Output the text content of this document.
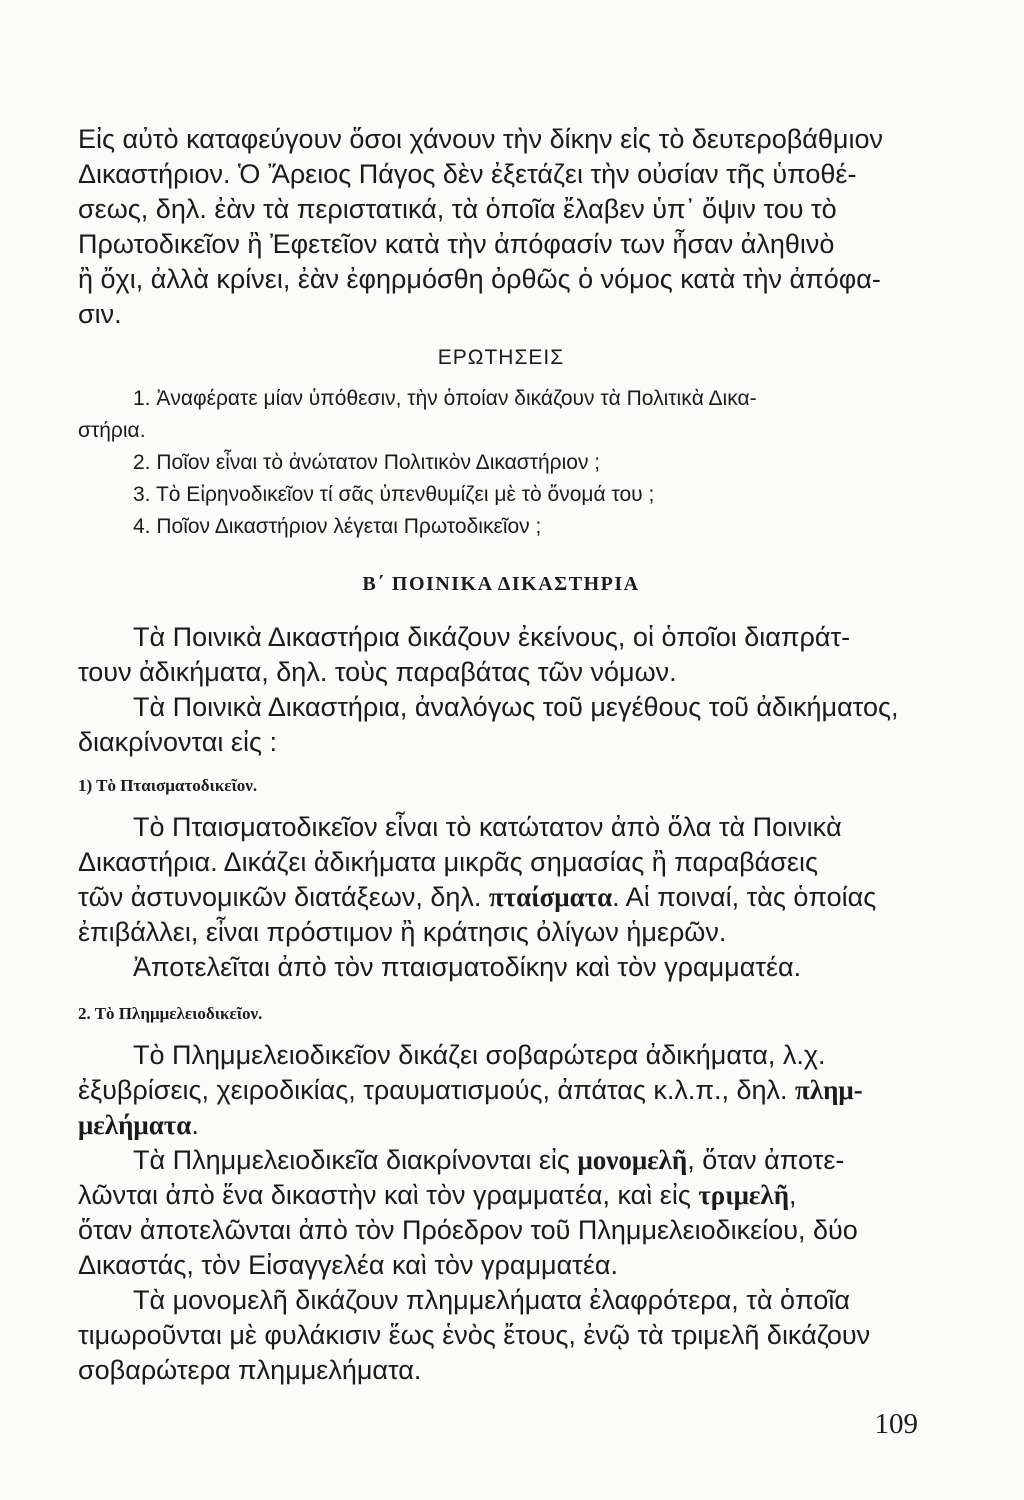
Εἰς αὐτὸ καταφεύγουν ὅσοι χάνουν τὴν δίκην εἰς τὸ δευτεροβάθμιον
Δικαστήριον. Ὁ Ἄρειος Πάγος δὲν ἐξετάζει τὴν οὐσίαν τῆς ὑποθέ-
σεως, δηλ. ἐὰν τὰ περιστατικά, τὰ ὁποῖα ἔλαβεν ὑπ᾿ ὄψιν του τὸ
Πρωτοδικεῖον ἢ Ἐφετεῖον κατὰ τὴν ἀπόφασίν των ἦσαν ἀληθινὸ
ἢ ὄχι, ἀλλὰ κρίνει, ἐὰν ἐφηρμόσθη ὀρθῶς ὁ νόμος κατὰ τὴν ἀπόφα-
σιν.

ΕΡΩΤΗΣΕΙΣ

1. Ἀναφέρατε μίαν ὑπόθεσιν, τὴν ὁποίαν δικάζουν τὰ Πολιτικὰ Δικα-

στήρια.

2. Ποῖον εἶναι τὸ ἀνώτατον Πολιτικὸν Δικαστήριον ;

3. Τὸ Εἰρηνοδικεῖον τί σᾶς ὑπενθυμίζει μὲ τὸ ὄνομά του ;

4. Ποῖον Δικαστήριον λέγεται Πρωτοδικεῖον ;

Β΄ ΠΟΙΝΙΚΑ ΔΙΚΑΣΤΗΡΙΑ

Τὰ Ποινικὰ Δικαστήρια δικάζουν ἐκείνους, οἱ ὁποῖοι διαπράτ-
τουν ἀδικήματα, δηλ. τοὺς παραβάτας τῶν νόμων.
Τὰ Ποινικὰ Δικαστήρια, ἀναλόγως τοῦ μεγέθους τοῦ ἀδικήματος,
διακρίνονται εἰς :

1) Τὸ Πταισματοδικεῖον.

Τὸ Πταισματοδικεῖον εἶναι τὸ κατώτατον ἀπὸ ὅλα τὰ Ποινικὰ
Δικαστήρια. Δικάζει ἀδικήματα μικρᾶς σημασίας ἢ παραβάσεις
τῶν ἀστυνομικῶν διατάξεων, δηλ. πταίσματα. Αἱ ποιναί, τὰς ὁποίας
ἐπιβάλλει, εἶναι πρόστιμον ἢ κράτησις ὀλίγων ἡμερῶν.
Ἀποτελεῖται ἀπὸ τὸν πταισματοδίκην καὶ τὸν γραμματέα.

2. Τὸ Πλημμελειοδικεῖον.

Τὸ Πλημμελειοδικεῖον δικάζει σοβαρώτερα ἀδικήματα, λ.χ.
ἐξυβρίσεις, χειροδικίας, τραυματισμούς, ἀπάτας κ.λ.π., δηλ. πλημ-
μελήματα.
Τὰ Πλημμελειοδικεῖα διακρίνονται εἰς μονομελῆ, ὅταν ἀποτε-
λῶνται ἀπὸ ἕνα δικαστὴν καὶ τὸν γραμματέα, καὶ εἰς τριμελῆ,
ὅταν ἀποτελῶνται ἀπὸ τὸν Πρόεδρον τοῦ Πλημμελειοδικείου, δύο
Δικαστάς, τὸν Εἰσαγγελέα καὶ τὸν γραμματέα.
Τὰ μονομελῆ δικάζουν πλημμελήματα ἐλαφρότερα, τὰ ὁποῖα
τιμωροῦνται μὲ φυλάκισιν ἕως ἑνὸς ἔτους, ἐνῷ τὰ τριμελῆ δικάζουν
σοβαρώτερα πλημμελήματα.

109
